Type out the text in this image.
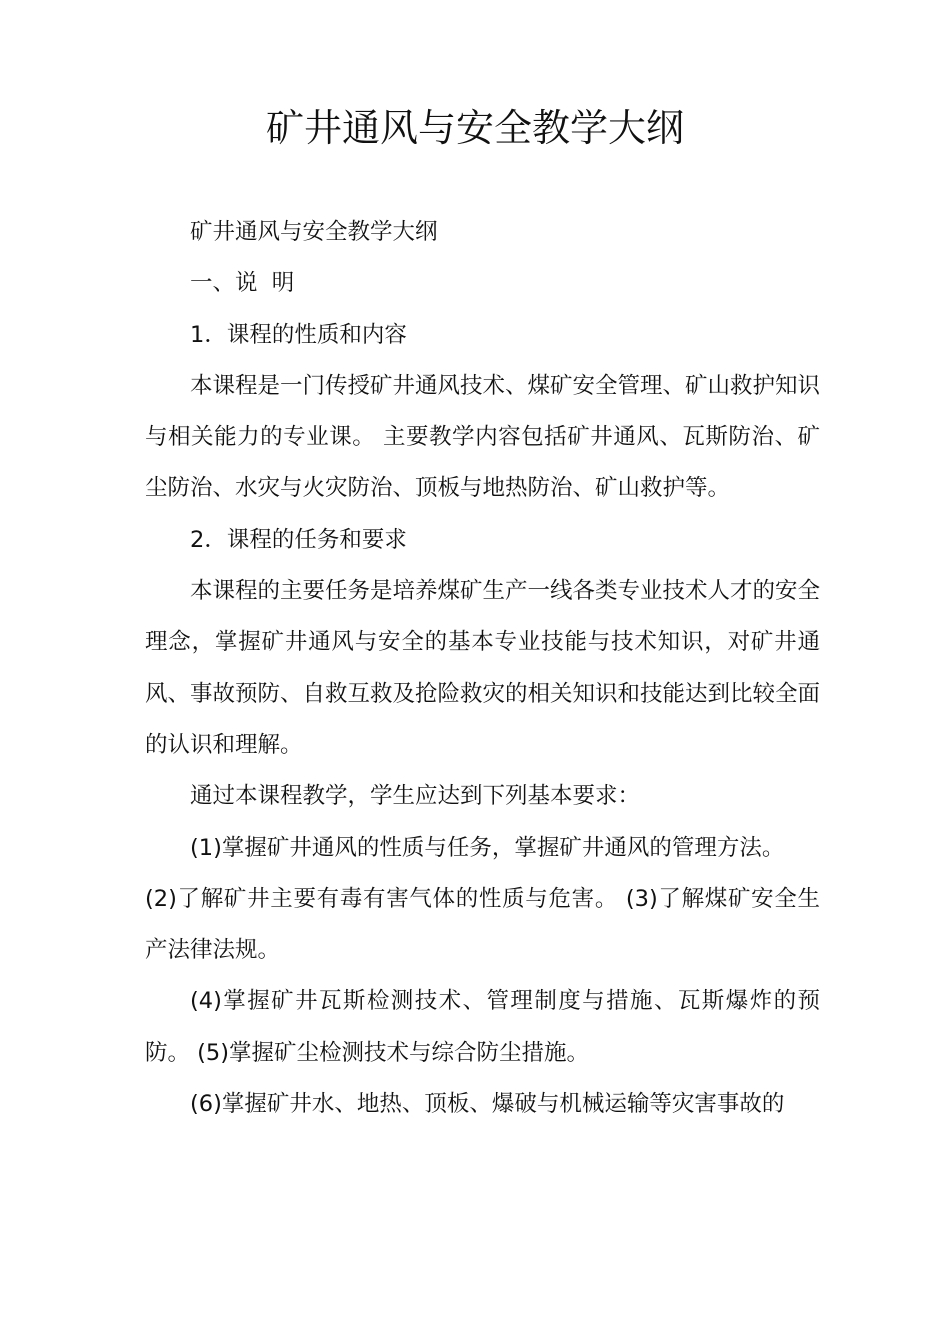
矿井通风与安全教学大纲

矿井通风与安全教学大纲

一、说  明

1．课程的性质和内容

本课程是一门传授矿井通风技术、煤矿安全管理、矿山救护知识与相关能力的专业课。 主要教学内容包括矿井通风、瓦斯防治、矿尘防治、水灾与火灾防治、顶板与地热防治、矿山救护等。

2．课程的任务和要求

本课程的主要任务是培养煤矿生产一线各类专业技术人才的安全理念，掌握矿井通风与安全的基本专业技能与技术知识，对矿井通风、事故预防、自救互救及抢险救灾的相关知识和技能达到比较全面的认识和理解。

通过本课程教学，学生应达到下列基本要求：

(1)掌握矿井通风的性质与任务，掌握矿井通风的管理方法。

(2)了解矿井主要有毒有害气体的性质与危害。 (3)了解煤矿安全生产法律法规。

(4)掌握矿井瓦斯检测技术、管理制度与措施、瓦斯爆炸的预防。 (5)掌握矿尘检测技术与综合防尘措施。

(6)掌握矿井水、地热、顶板、爆破与机械运输等灾害事故的
